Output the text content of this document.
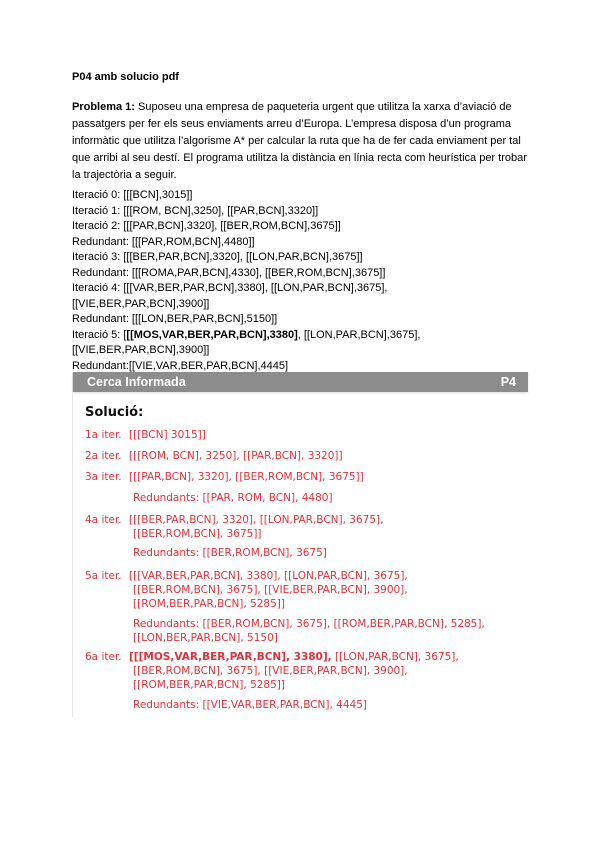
P04 amb solucio pdf

Problema 1: Suposeu una empresa de paqueteria urgent que utilitza la xarxa d’aviació de passatgers per fer els seus enviaments arreu d’Europa. L’empresa disposa d’un programa informàtic que utilitza l’algorisme A* per calcular la ruta que ha de fer cada enviament per tal que arribi al seu destí. El programa utilitza la distància en línia recta com heurística per trobar la trajectòria a seguir.

Iteració 0: [[[BCN],3015]]
Iteració 1: [[[ROM, BCN],3250], [[PAR,BCN],3320]]
Iteració 2: [[[PAR,BCN],3320], [[BER,ROM,BCN],3675]]
Redundant: [[[PAR,ROM,BCN],4480]]
Iteració 3: [[[BER,PAR,BCN],3320], [[LON,PAR,BCN],3675]]
Redundant: [[[ROMA,PAR,BCN],4330], [[BER,ROM,BCN],3675]]
Iteració 4: [[[VAR,BER,PAR,BCN],3380], [[LON,PAR,BCN],3675],
[[VIE,BER,PAR,BCN],3900]]
Redundant: [[[LON,BER,PAR,BCN],5150]]
Iteració 5: [[[MOS,VAR,BER,PAR,BCN],3380], [[LON,PAR,BCN],3675],
[[VIE,BER,PAR,BCN],3900]]
Redundant:[[VIE,VAR,BER,PAR,BCN],4445]
Cerca Informada	P4
Solució:
1a iter. [[[BCN] 3015]]
2a iter. [[[ROM, BCN], 3250], [[PAR,BCN], 3320]]
3a iter. [[[PAR,BCN], 3320], [[BER,ROM,BCN], 3675]]
Redundants: [[PAR, ROM, BCN], 4480]
4a iter. [[[BER,PAR,BCN], 3320], [[LON,PAR,BCN], 3675],
[[BER,ROM,BCN], 3675]]
Redundants: [[BER,ROM,BCN], 3675]
5a iter. [[[VAR,BER,PAR,BCN], 3380], [[LON,PAR,BCN], 3675],
[[BER,ROM,BCN], 3675], [[VIE,BER,PAR,BCN], 3900],
[[ROM,BER,PAR,BCN], 5285]]
Redundants: [[BER,ROM,BCN], 3675], [[ROM,BER,PAR,BCN], 5285],
[[LON,BER,PAR,BCN], 5150]
6a iter. [[[MOS,VAR,BER,PAR,BCN], 3380], [[LON,PAR,BCN], 3675],
[[BER,ROM,BCN], 3675], [[VIE,BER,PAR,BCN], 3900],
[[ROM,BER,PAR,BCN], 5285]]
Redundants: [[VIE,VAR,BER,PAR,BCN], 4445]
